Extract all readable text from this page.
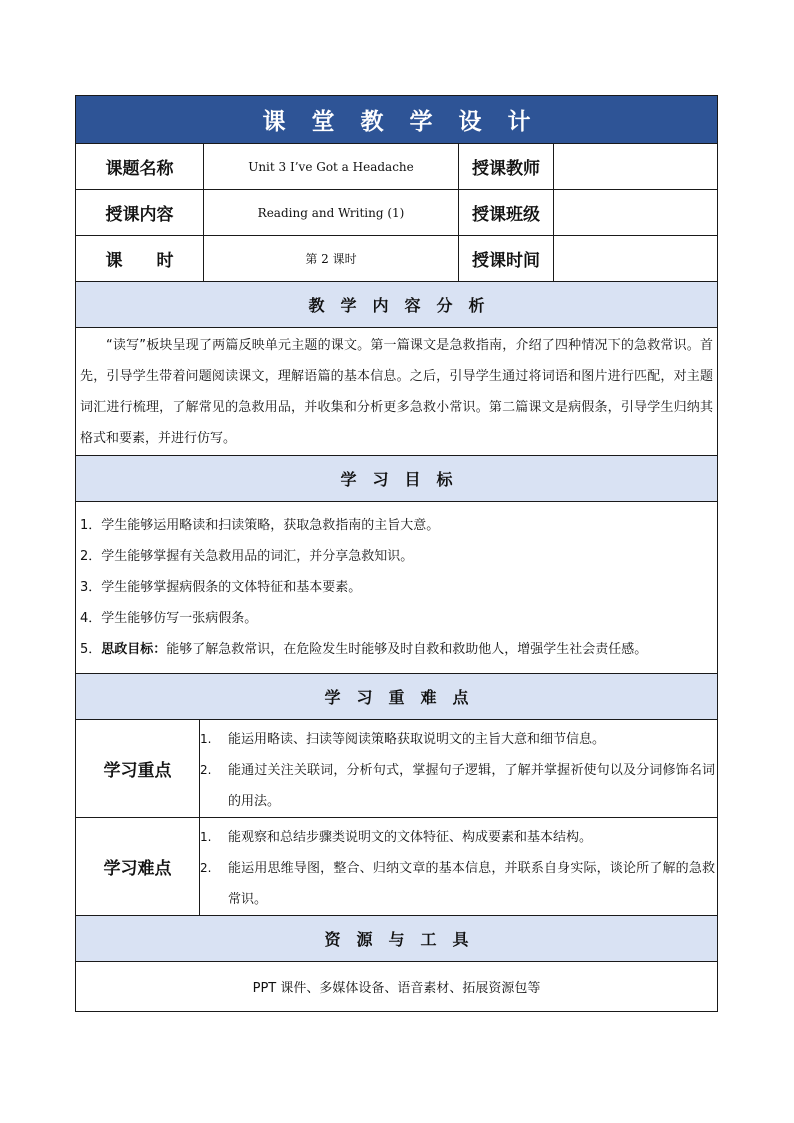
课堂教学设计
课题名称	Unit 3 I’ve Got a Headache	授课教师
授课内容	Reading and Writing (1)	授课班级
课　　时	第 2 课时	授课时间
教学内容分析
“读写”板块呈现了两篇反映单元主题的课文。第一篇课文是急救指南，介绍了四种情况下的急救常识。首先，引导学生带着问题阅读课文，理解语篇的基本信息。之后，引导学生通过将词语和图片进行匹配，对主题词汇进行梳理，了解常见的急救用品，并收集和分析更多急救小常识。第二篇课文是病假条，引导学生归纳其格式和要素，并进行仿写。
学习目标
1．学生能够运用略读和扫读策略，获取急救指南的主旨大意。
2．学生能够掌握有关急救用品的词汇，并分享急救知识。
3．学生能够掌握病假条的文体特征和基本要素。
4．学生能够仿写一张病假条。
5．思政目标：能够了解急救常识，在危险发生时能够及时自救和救助他人，增强学生社会责任感。
学习重难点
学习重点
1.	能运用略读、扫读等阅读策略获取说明文的主旨大意和细节信息。
2.	能通过关注关联词，分析句式，掌握句子逻辑，了解并掌握祈使句以及分词修饰名词的用法。
学习难点
1.	能观察和总结步骤类说明文的文体特征、构成要素和基本结构。
2.	能运用思维导图，整合、归纳文章的基本信息，并联系自身实际，谈论所了解的急救常识。
资源与工具
PPT 课件、多媒体设备、语音素材、拓展资源包等
